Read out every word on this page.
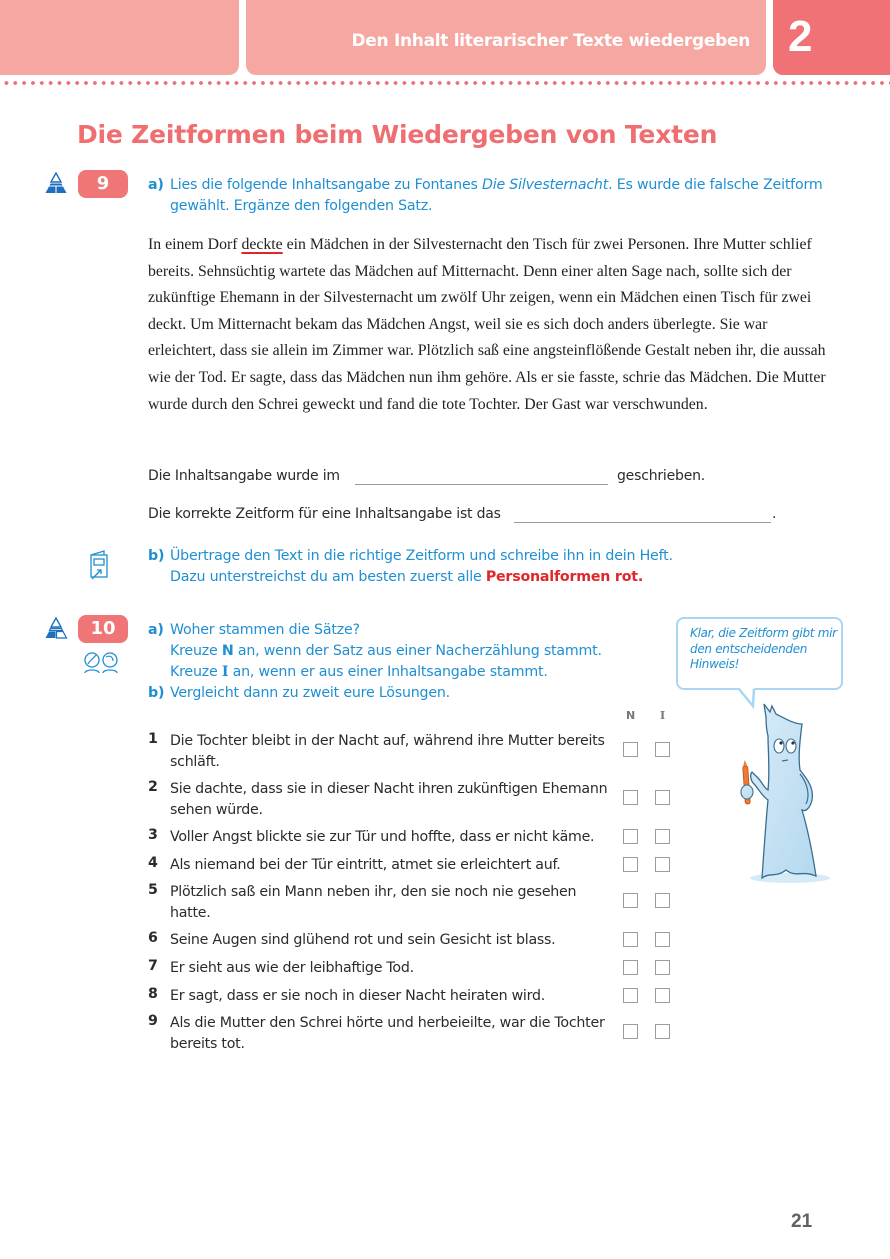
Den Inhalt literarischer Texte wiedergeben 2
Die Zeitformen beim Wiedergeben von Texten
9	a) Lies die folgende Inhaltsangabe zu Fontanes Die Silvesternacht. Es wurde die falsche Zeitform
gewählt. Ergänze den folgenden Satz.

In einem Dorf deckte ein Mädchen in der Silvesternacht den Tisch für zwei Personen. Ihre Mutter schlief bereits. Sehnsüchtig wartete das Mädchen auf Mitternacht. Denn einer alten Sage nach, sollte sich der zukünftige Ehemann in der Silvesternacht um zwölf Uhr zeigen, wenn ein Mädchen einen Tisch für zwei deckt. Um Mitternacht bekam das Mädchen Angst, weil sie es sich doch anders überlegte. Sie war erleichtert, dass sie allein im Zimmer war. Plötzlich saß eine angsteinflößende Gestalt neben ihr, die aussah wie der Tod. Er sagte, dass das Mädchen nun ihm gehöre. Als er sie fasste, schrie das Mädchen. Die Mutter wurde durch den Schrei geweckt und fand die tote Tochter. Der Gast war verschwunden.

Die Inhaltsangabe wurde im	geschrieben.
Die korrekte Zeitform für eine Inhaltsangabe ist das	.
b) Übertrage den Text in die richtige Zeitform und schreibe ihn in dein Heft.
Dazu unterstreichst du am besten zuerst alle Personalformen rot.
10	a) Woher stammen die Sätze?
Kreuze N an, wenn der Satz aus einer Nacherzählung stammt.
Kreuze I an, wenn er aus einer Inhaltsangabe stammt.
b) Vergleicht dann zu zweit eure Lösungen.
N I
1 Die Tochter bleibt in der Nacht auf, während ihre Mutter bereits schläft.
2 Sie dachte, dass sie in dieser Nacht ihren zukünftigen Ehemann sehen würde.
3 Voller Angst blickte sie zur Tür und hoffte, dass er nicht käme.
4 Als niemand bei der Tür eintritt, atmet sie erleichtert auf.
5 Plötzlich saß ein Mann neben ihr, den sie noch nie gesehen hatte.
6 Seine Augen sind glühend rot und sein Gesicht ist blass.
7 Er sieht aus wie der leibhaftige Tod.
8 Er sagt, dass er sie noch in dieser Nacht heiraten wird.
9 Als die Mutter den Schrei hörte und herbeieilte, war die Tochter bereits tot.
Klar, die Zeitform gibt mir den entscheidenden Hinweis!
21
